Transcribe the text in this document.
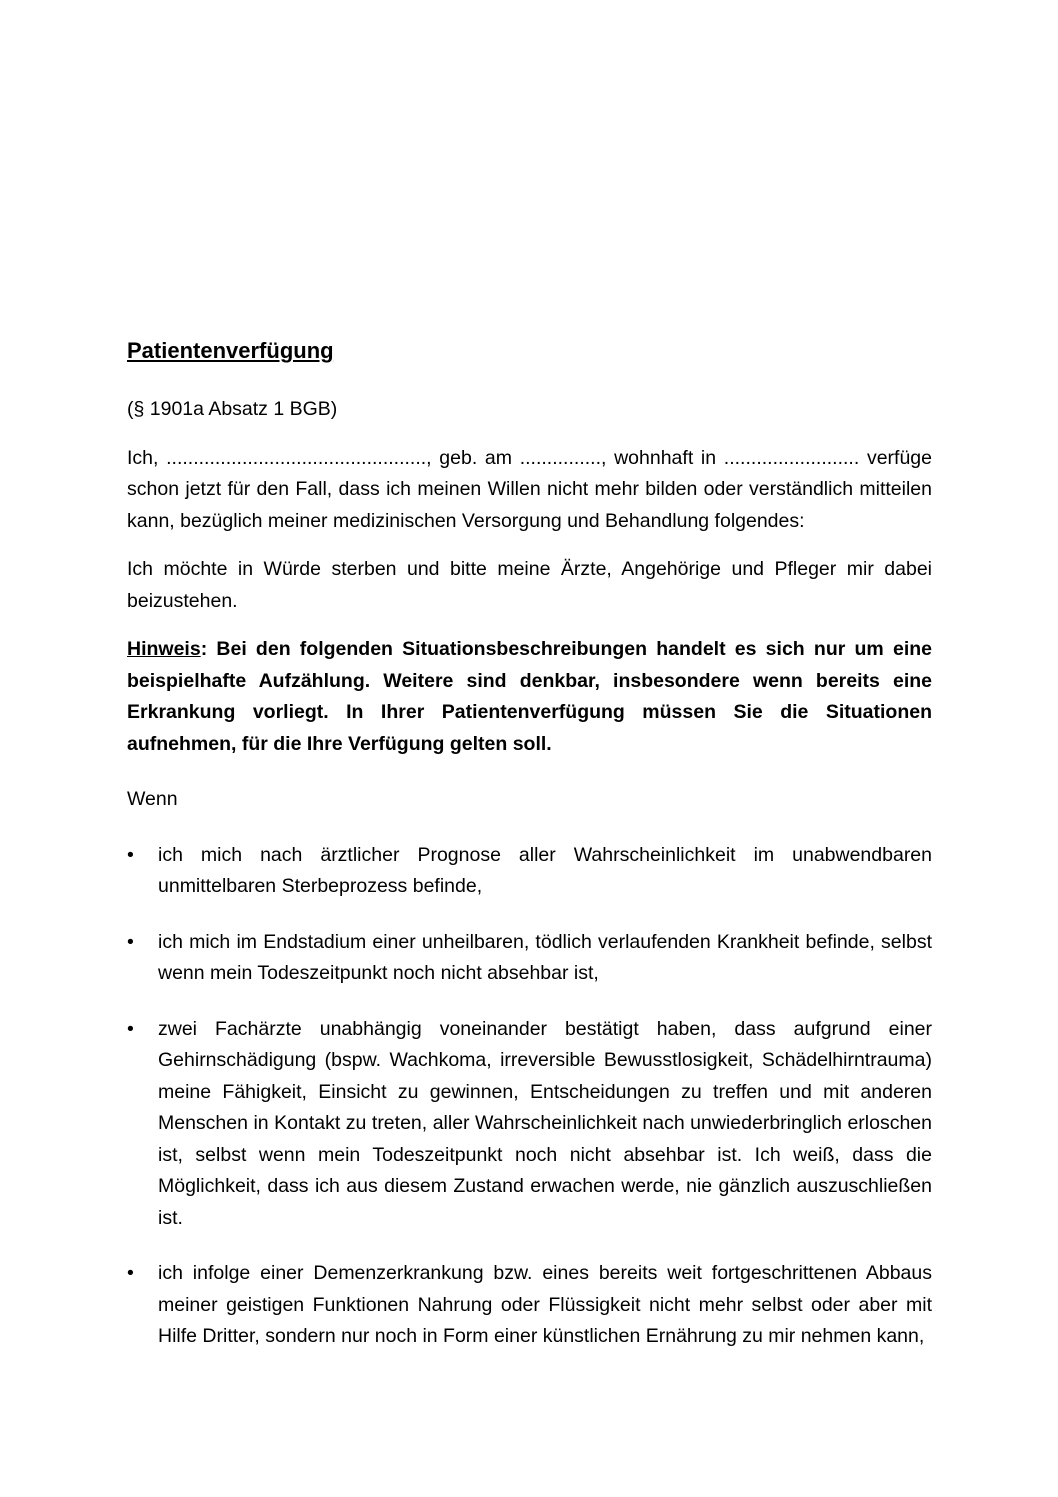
Patientenverfügung

(§ 1901a Absatz 1 BGB)

Ich, ................................................, geb. am ..............., wohnhaft in ......................... verfüge schon jetzt für den Fall, dass ich meinen Willen nicht mehr bilden oder verständlich mitteilen kann, bezüglich meiner medizinischen Versorgung und Behandlung folgendes:

Ich möchte in Würde sterben und bitte meine Ärzte, Angehörige und Pfleger mir dabei beizustehen.

Hinweis: Bei den folgenden Situationsbeschreibungen handelt es sich nur um eine beispielhafte Aufzählung. Weitere sind denkbar, insbesondere wenn bereits eine Erkrankung vorliegt. In Ihrer Patientenverfügung müssen Sie die Situationen aufnehmen, für die Ihre Verfügung gelten soll.

Wenn

•	ich mich nach ärztlicher Prognose aller Wahrscheinlichkeit im unabwendbaren unmittelbaren Sterbeprozess befinde,
•	ich mich im Endstadium einer unheilbaren, tödlich verlaufenden Krankheit befinde, selbst wenn mein Todeszeitpunkt noch nicht absehbar ist,
•	zwei Fachärzte unabhängig voneinander bestätigt haben, dass aufgrund einer Gehirnschädigung (bspw. Wachkoma, irreversible Bewusstlosigkeit, Schädelhirntrauma) meine Fähigkeit, Einsicht zu gewinnen, Entscheidungen zu treffen und mit anderen Menschen in Kontakt zu treten, aller Wahrscheinlichkeit nach unwiederbringlich erloschen ist, selbst wenn mein Todeszeitpunkt noch nicht absehbar ist. Ich weiß, dass die Möglichkeit, dass ich aus diesem Zustand erwachen werde, nie gänzlich auszuschließen ist.
•	ich infolge einer Demenzerkrankung bzw. eines bereits weit fortgeschrittenen Abbaus meiner geistigen Funktionen Nahrung oder Flüssigkeit nicht mehr selbst oder aber mit Hilfe Dritter, sondern nur noch in Form einer künstlichen Ernährung zu mir nehmen kann,
